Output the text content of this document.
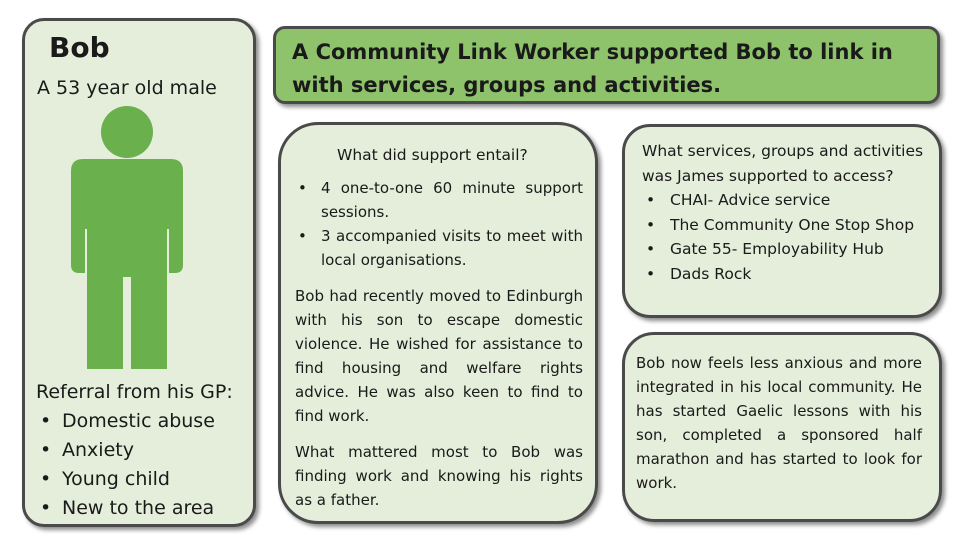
Bob
A 53 year old male
Referral from his GP:
• Domestic abuse
• Anxiety
• Young child
• New to the area
A Community Link Worker supported Bob to link in with services, groups and activities.
What did support entail?
• 4 one-to-one 60 minute support sessions.
• 3 accompanied visits to meet with local organisations.

Bob had recently moved to Edinburgh with his son to escape domestic violence. He wished for assistance to find housing and welfare rights advice. He was also keen to find to find work.

What mattered most to Bob was finding work and knowing his rights as a father.

What services, groups and activities was James supported to access?

• CHAI- Advice service
• The Community One Stop Shop
• Gate 55- Employability Hub
• Dads Rock
Bob now feels less anxious and more integrated in his local community. He has started Gaelic lessons with his son, completed a sponsored half marathon and has started to look for work.
